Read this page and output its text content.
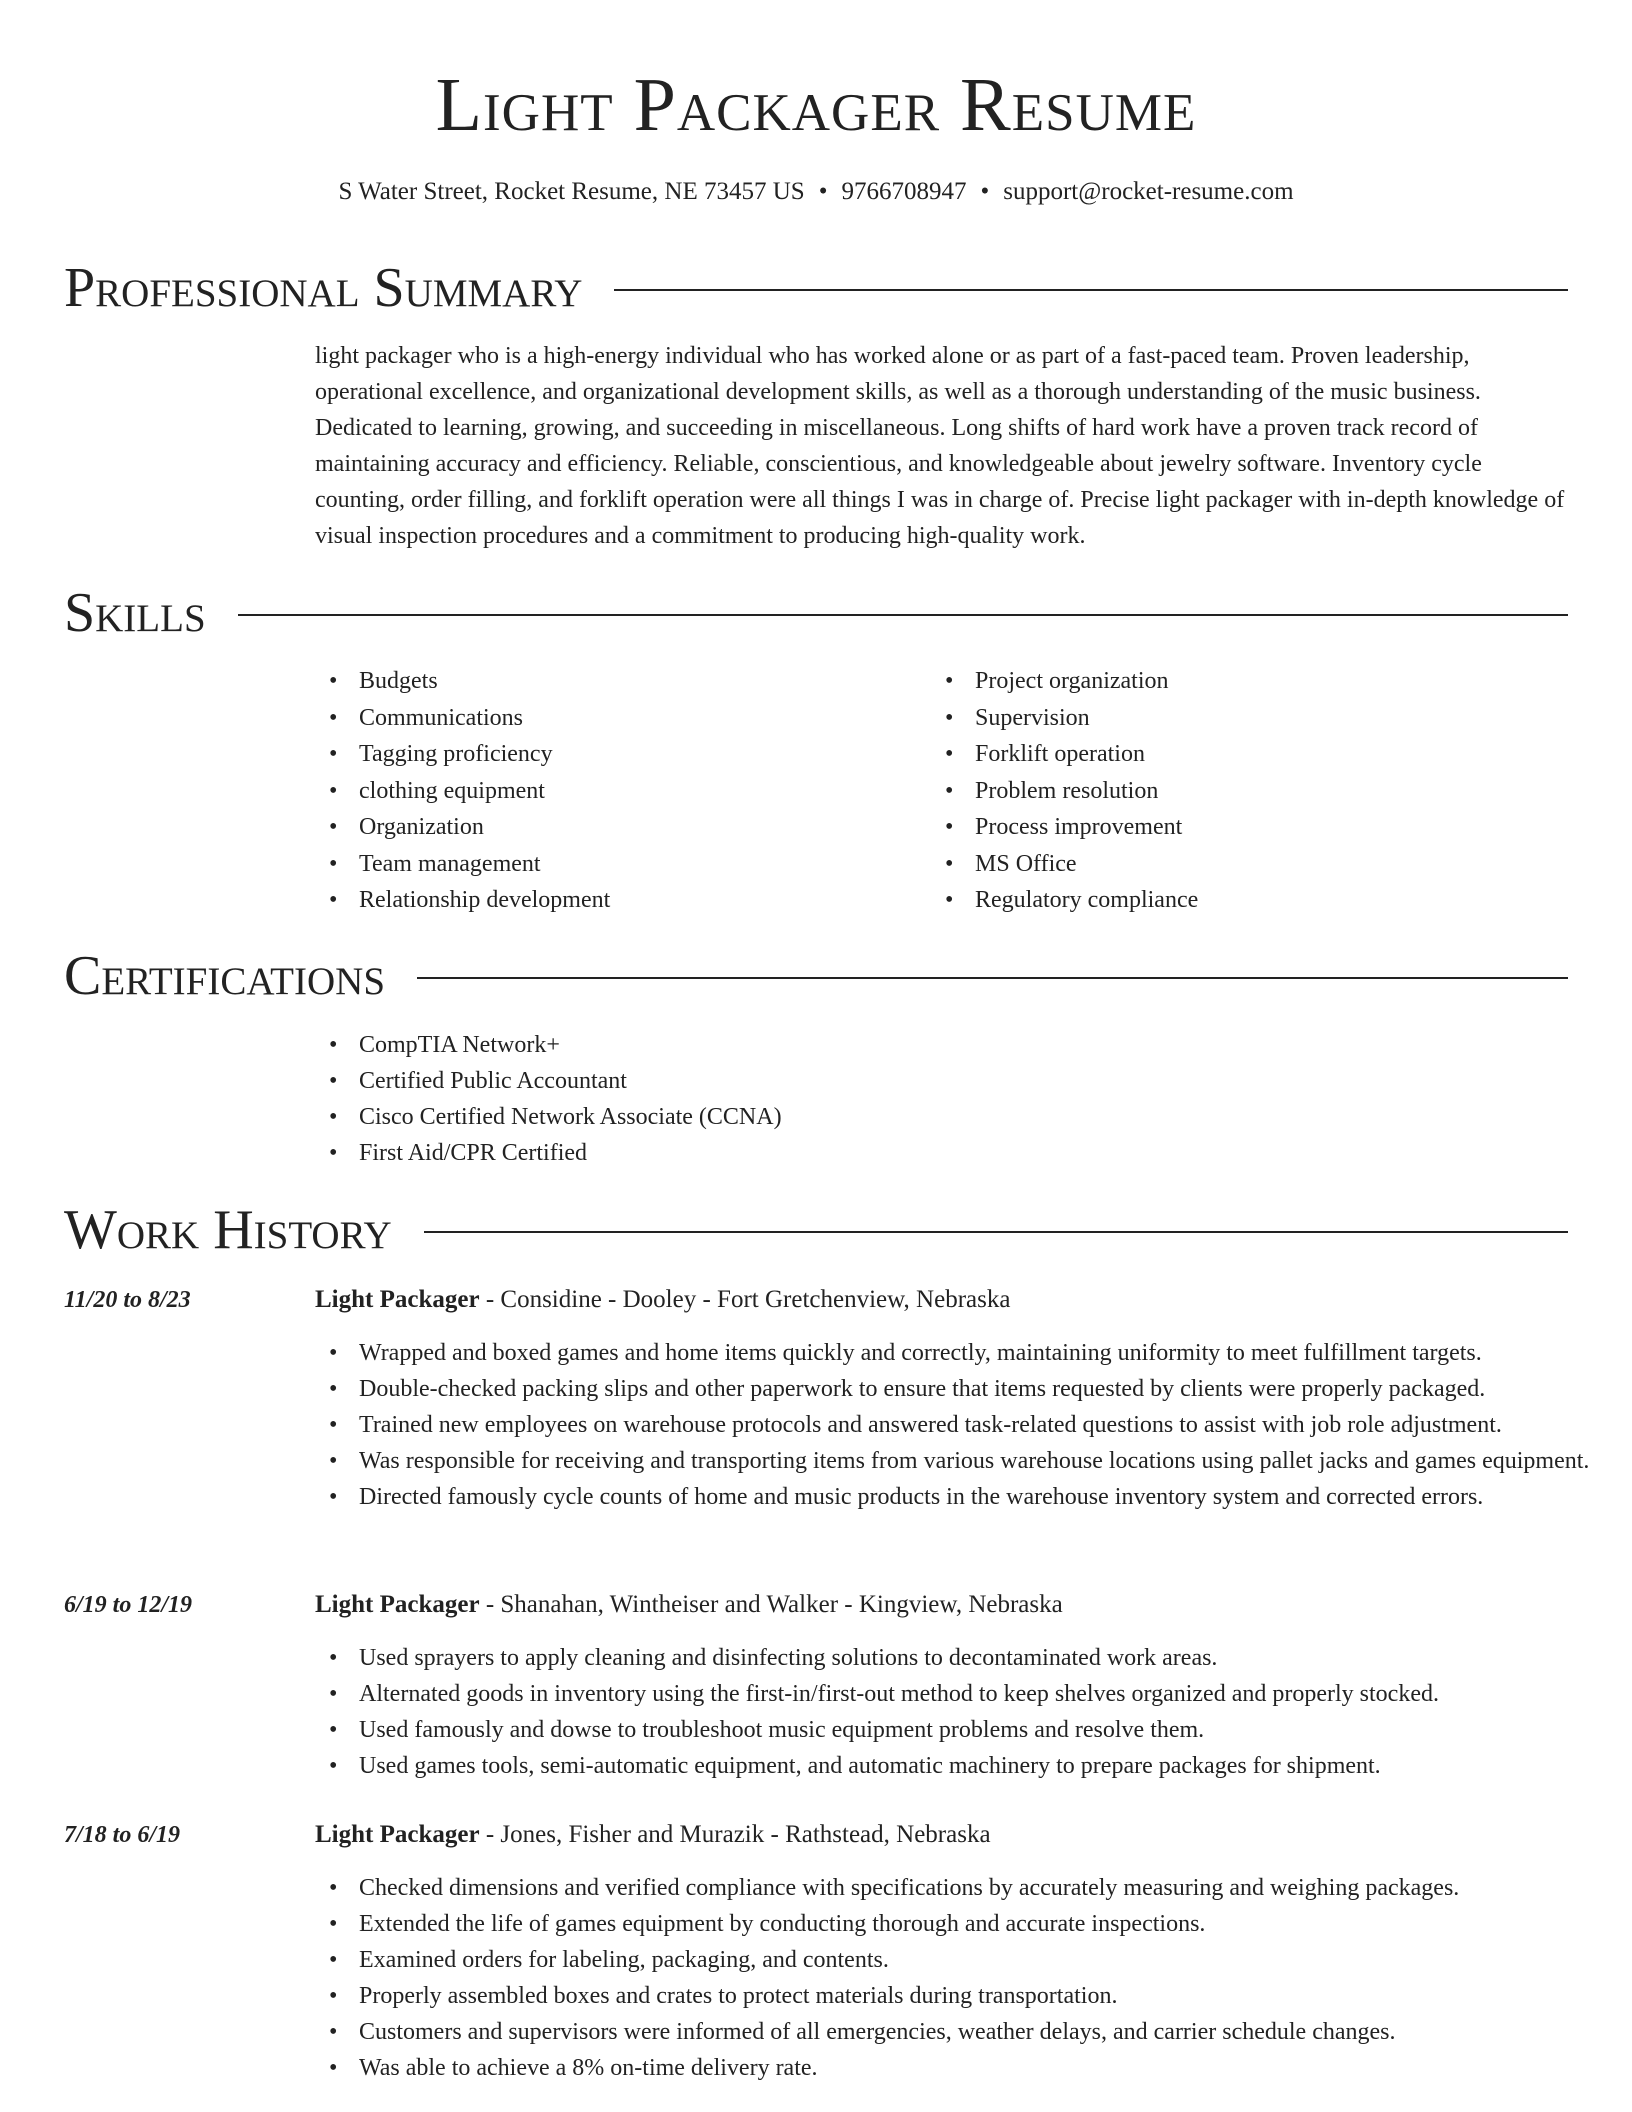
Light Packager Resume
S Water Street, Rocket Resume, NE 73457 US • 9766708947 • support@rocket-resume.com
Professional Summary

light packager who is a high-energy individual who has worked alone or as part of a fast-paced team. Proven leadership, operational excellence, and organizational development skills, as well as a thorough understanding of the music business. Dedicated to learning, growing, and succeeding in miscellaneous. Long shifts of hard work have a proven track record of maintaining accuracy and efficiency. Reliable, conscientious, and knowledgeable about jewelry software. Inventory cycle counting, order filling, and forklift operation were all things I was in charge of. Precise light packager with in-depth knowledge of visual inspection procedures and a commitment to producing high-quality work.

Skills
• Budgets
• Communications
• Tagging proficiency
• clothing equipment
• Organization
• Team management
• Relationship development
• Project organization
• Supervision
• Forklift operation
• Problem resolution
• Process improvement
• MS Office
• Regulatory compliance
Certifications
• CompTIA Network+
• Certified Public Accountant
• Cisco Certified Network Associate (CCNA)
• First Aid/CPR Certified
Work History
11/20 to 8/23	Light Packager - Considine - Dooley - Fort Gretchenview, Nebraska
• Wrapped and boxed games and home items quickly and correctly, maintaining uniformity to meet fulfillment targets.
• Double-checked packing slips and other paperwork to ensure that items requested by clients were properly packaged.
• Trained new employees on warehouse protocols and answered task-related questions to assist with job role adjustment.
• Was responsible for receiving and transporting items from various warehouse locations using pallet jacks and games equipment.
• Directed famously cycle counts of home and music products in the warehouse inventory system and corrected errors.
6/19 to 12/19	Light Packager - Shanahan, Wintheiser and Walker - Kingview, Nebraska
• Used sprayers to apply cleaning and disinfecting solutions to decontaminated work areas.
• Alternated goods in inventory using the first-in/first-out method to keep shelves organized and properly stocked.
• Used famously and dowse to troubleshoot music equipment problems and resolve them.
• Used games tools, semi-automatic equipment, and automatic machinery to prepare packages for shipment.
7/18 to 6/19	Light Packager - Jones, Fisher and Murazik - Rathstead, Nebraska
• Checked dimensions and verified compliance with specifications by accurately measuring and weighing packages.
• Extended the life of games equipment by conducting thorough and accurate inspections.
• Examined orders for labeling, packaging, and contents.
• Properly assembled boxes and crates to protect materials during transportation.
• Customers and supervisors were informed of all emergencies, weather delays, and carrier schedule changes.
• Was able to achieve a 8% on-time delivery rate.
